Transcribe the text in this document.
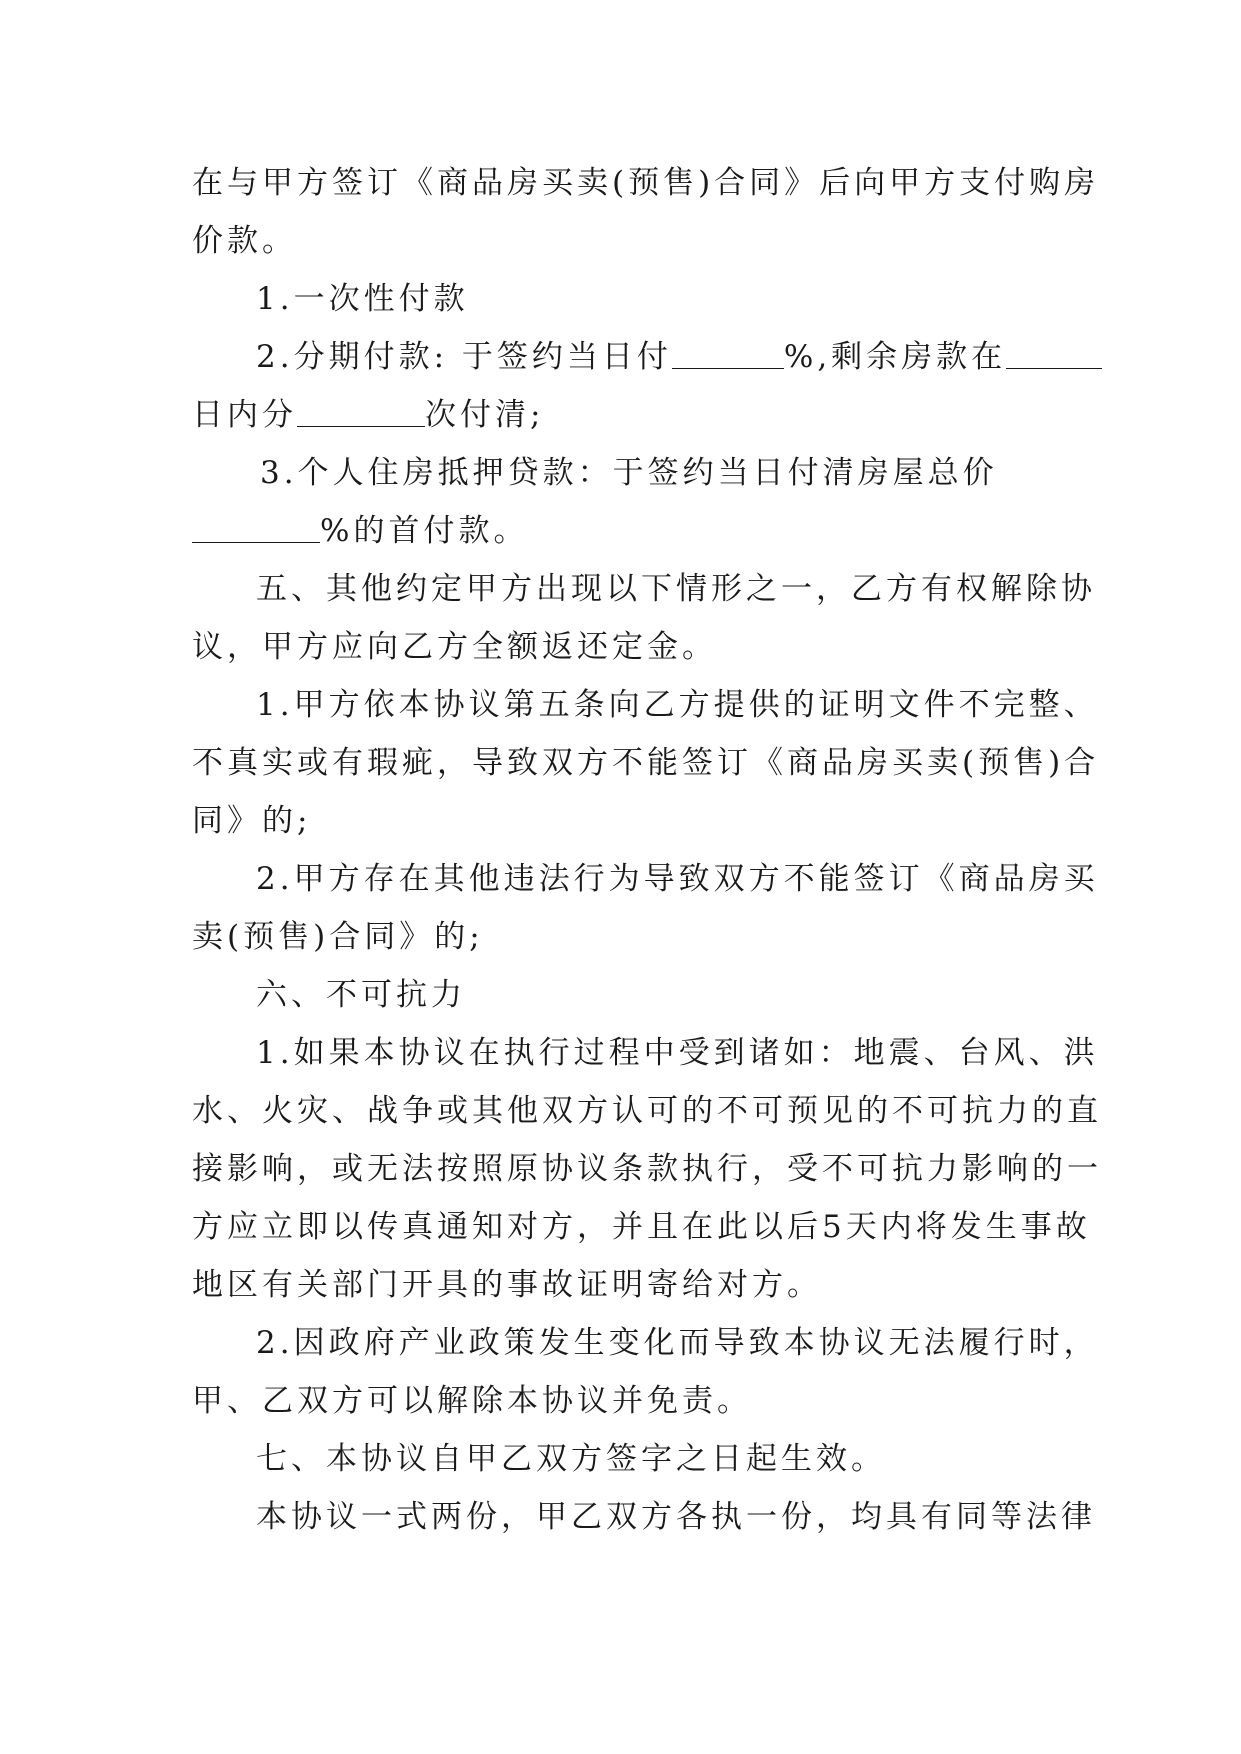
在与甲方签订《商品房买卖(预售)合同》后向甲方支付购房
价款。
1.一次性付款
2.分期付款: 于签约当日付	%,剩余房款在
日内分	次付清;
3.个人住房抵押贷款：于签约当日付清房屋总价
%的首付款。
五、其他约定甲方出现以下情形之一，乙方有权解除协
议，甲方应向乙方全额返还定金。
1.甲方依本协议第五条向乙方提供的证明文件不完整、
不真实或有瑕疵，导致双方不能签订《商品房买卖(预售)合
同》的;
2.甲方存在其他违法行为导致双方不能签订《商品房买
卖(预售)合同》的;
六、不可抗力
1.如果本协议在执行过程中受到诸如：地震、台风、洪
水、火灾、战争或其他双方认可的不可预见的不可抗力的直
接影响，或无法按照原协议条款执行，受不可抗力影响的一
方应立即以传真通知对方，并且在此以后5天内将发生事故
地区有关部门开具的事故证明寄给对方。
2.因政府产业政策发生变化而导致本协议无法履行时，
甲、乙双方可以解除本协议并免责。
七、本协议自甲乙双方签字之日起生效。
本协议一式两份，甲乙双方各执一份，均具有同等法律
